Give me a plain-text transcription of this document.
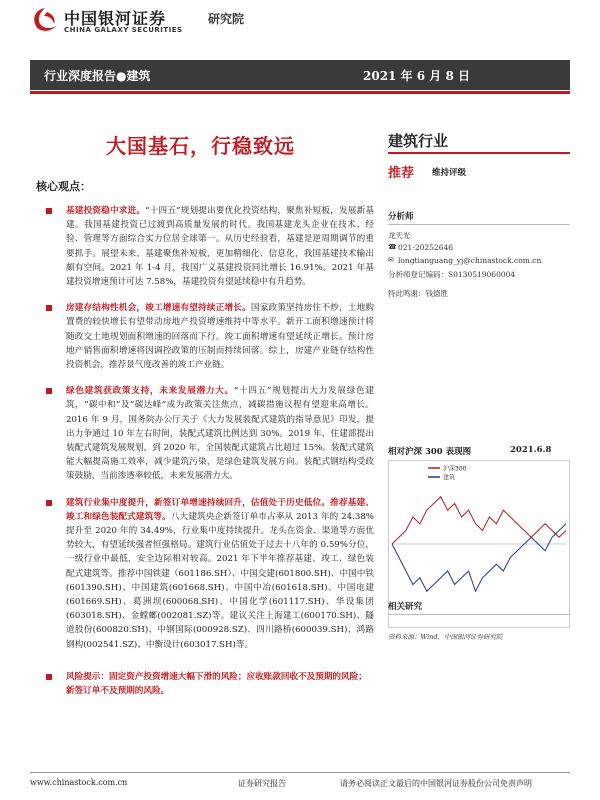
中国银河证券	研究院
CHINA GALAXY SECURITIES
行业深度报告●建筑	2021 年 6 月 8 日
大国基石，行稳致远
核心观点：
基建投资稳中求进。“十四五”规划提出要优化投资结构，聚焦补短板，发展新基建。我国基建投资已过渡到高质量发展的时代。我国基建龙头企业在技术、经验、管理等方面综合实力位居全球第一。从历史经验看，基建是逆周期调节的重要抓手。展望未来，基建聚焦补短板，更加精细化、信息化，我国基建技术输出颇有空间。2021 年 1-4 月，我国广义基建投资同比增长 16.91%。2021 年基建投资增速预计可达 7.58%，基建投资有望延续稳中有升趋势。
房建存结构性机会，竣工增速有望持续正增长。国家政策坚持房住不炒，土地购置费的较快增长有望带动房地产投资增速维持中等水平。新开工面积增速预计将随政交土地规划面积增速的回落而下行。竣工面积增速有望延续正增长。预计房地产销售面积增速将因调控政策的压制而持续回落。综上，房建产业链存结构性投资机会，推荐景气度改善的竣工产业链。
绿色建筑获政策支持，未来发展潜力大。“十四五”规划提出大力发展绿色建筑，“碳中和”及“碳达峰”成为政策关注焦点，减碳措施议程有望迎来高增长。2016 年 9 月，国务院办公厅关于《大力发展装配式建筑的指导意见》印发，提出力争通过 10 年左右时间，装配式建筑比例达到 30%。2019 年，住建部提出装配式建筑发展规划，到 2020 年，全国装配式建筑占比超过 15%。装配式建筑能大幅提高施工效率，减少建筑污染，是绿色建筑发展方向。装配式钢结构受政策鼓励，当前渗透率较低，未来发展潜力大。
建筑行业集中度提升，新签订单增速持续回升，估值处于历史低位。推荐基建、竣工和绿色装配式建筑等。八大建筑央企新签订单市占率从 2013 年的 24.38%提升至 2020 年的 34.49%，行业集中度持续提升。龙头在资金、渠道等方面优势较大，有望延续强者恒强格局。建筑行业估值处于过去十八年的 0.59%分位，一级行业中最低，安全边际相对较高。2021 年下半年推荐基建、竣工、绿色装配式建筑等。推荐中国铁建（601186.SH）、中国交建(601800.SH)、中国中铁(601390.SH)、中国建筑(601668.SH)、中国中冶(601618.SH)、中国电建(601669.SH)、葛洲坝(600068.SH)、中国化学(601117.SH)、华设集团(603018.SH)、金螳螂(002081.SZ)等。建议关注上海建工(600170.SH)、隧道股份(600820.SH)、中钢国际(000928.SZ)、四川路桥(600039.SH)、鸿路钢构(002541.SZ)、中衡设计(603017.SH)等。
风险提示：固定资产投资增速大幅下滑的风险；应收账款回收不及预期的风险；新签订单不及预期的风险。
建筑行业
推荐 维持评级
分析师
龙天光
☎ 021-20252646
✉ longtianguang_yj@chinastock.com.cn
分析师登记编码：S0130519060004
特此鸣谢：钱德胜
相对沪深 300 表现图	2021.6.8
沪深300
建筑
资料来源：Wind，中国银河证券研究院
相关研究
www.chinastock.com.cn	证券研究报告	请务必阅读正文最后的中国银河证券股份公司免责声明
